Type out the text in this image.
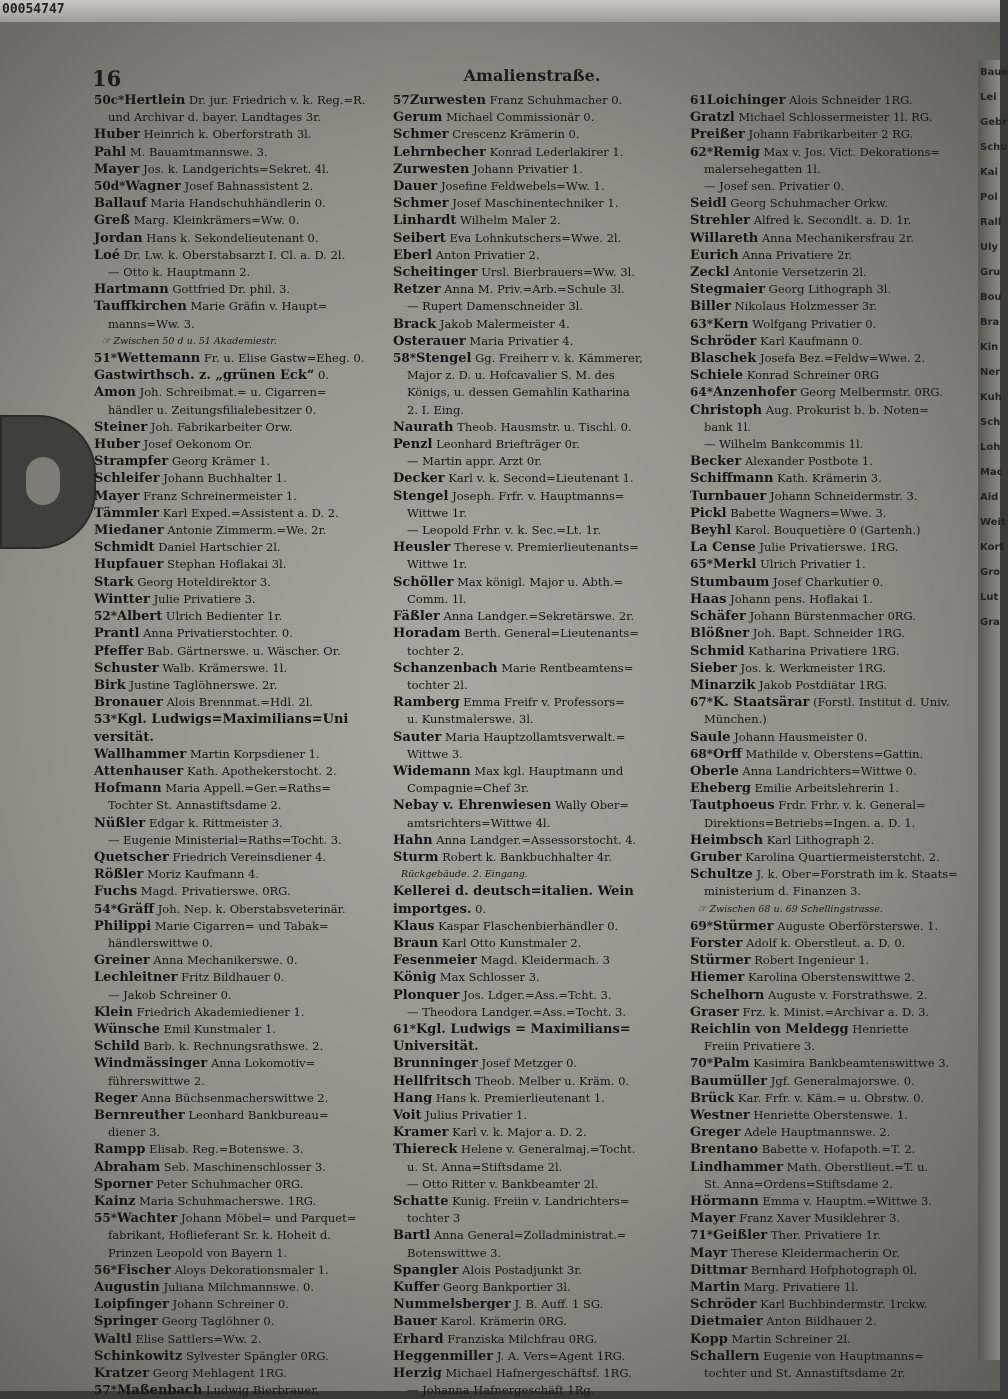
00054747
Baue
Lei
Gebr
Schu
Kai
Pol
Rall
Uly
Gru
Bou
Bra
Kin
Ner
Kuh
Sch
Loh
Mac
Aid
Weit
Kort
Gro
Lut
Gra
16	Amalienstraße.

50c*Hertlein Dr. jur. Friedrich v. k. Reg.=R.

und Archivar d. bayer. Landtages 3r.

Huber Heinrich k. Oberforstrath 3l.

Pahl M. Bauamtmannswe. 3.

Mayer Jos. k. Landgerichts=Sekret. 4l.

50d*Wagner Josef Bahnassistent 2.

Ballauf Maria Handschuhhändlerin 0.

Greß Marg. Kleinkrämers=Ww. 0.

Jordan Hans k. Sekondelieutenant 0.

Loé Dr. Lw. k. Oberstabsarzt I. Cl. a. D. 2l.

— Otto k. Hauptmann 2.

Hartmann Gottfried Dr. phil. 3.

Tauffkirchen Marie Gräfin v. Haupt=

manns=Ww. 3.

☞ Zwischen 50 d u. 51 Akademiestr.

51*Wettemann Fr. u. Elise Gastw=Eheg. 0.

Gastwirthsch. z. „grünen Eck“ 0.

Amon Joh. Schreibmat.= u. Cigarren=

händler u. Zeitungsfilialebesitzer 0.

Steiner Joh. Fabrikarbeiter Orw.

Huber Josef Oekonom Or.

Strampfer Georg Krämer 1.

Schleifer Johann Buchhalter 1.

Mayer Franz Schreinermeister 1.

Tämmler Karl Exped.=Assistent a. D. 2.

Miedaner Antonie Zimmerm.=We. 2r.

Schmidt Daniel Hartschier 2l.

Hupfauer Stephan Hoflakai 3l.

Stark Georg Hoteldirektor 3.

Wintter Julie Privatiere 3.

52*Albert Ulrich Bedienter 1r.

Prantl Anna Privatierstochter. 0.

Pfeffer Bab. Gärtnerswe. u. Wäscher. Or.

Schuster Walb. Krämerswe. 1l.

Birk Justine Taglöhnerswe. 2r.

Bronauer Alois Brennmat.=Hdl. 2l.

53*Kgl. Ludwigs=Maximilians=Uni

versität.

Wallhammer Martin Korpsdiener 1.

Attenhauser Kath. Apothekerstocht. 2.

Hofmann Maria Appell.=Ger.=Raths=

Tochter St. Annastiftsdame 2.

Nüßler Edgar k. Rittmeister 3.

— Eugenie Ministerial=Raths=Tocht. 3.

Quetscher Friedrich Vereinsdiener 4.

Rößler Moriz Kaufmann 4.

Fuchs Magd. Privatierswe. 0RG.

54*Gräff Joh. Nep. k. Oberstabsveterinär.

Philippi Marie Cigarren= und Tabak=

händlerswittwe 0.

Greiner Anna Mechanikerswe. 0.

Lechleitner Fritz Bildhauer 0.

— Jakob Schreiner 0.

Klein Friedrich Akademiediener 1.

Wünsche Emil Kunstmaler 1.

Schild Barb. k. Rechnungsrathswe. 2.

Windmässinger Anna Lokomotiv=

führerswittwe 2.

Reger Anna Büchsenmacherswittwe 2.

Bernreuther Leonhard Bankbureau=

diener 3.

Rampp Elisab. Reg.=Botenswe. 3.

Abraham Seb. Maschinenschlosser 3.

Sporner Peter Schuhmacher 0RG.

Kainz Maria Schuhmacherswe. 1RG.

55*Wachter Johann Möbel= und Parquet=

fabrikant, Hoflieferant Sr. k. Hoheit d.

Prinzen Leopold von Bayern 1.

56*Fischer Aloys Dekorationsmaler 1.

Augustin Juliana Milchmannswe. 0.

Loipfinger Johann Schreiner 0.

Springer Georg Taglöhner 0.

Waltl Elise Sattlers=Ww. 2.

Schinkowitz Sylvester Spängler 0RG.

Kratzer Georg Mehlagent 1RG.

57*Maßenbach Ludwig Bierbrauer.

57Zurwesten Franz Schuhmacher 0.

Gerum Michael Commissionär 0.

Schmer Crescenz Krämerin 0.

Lehrnbecher Konrad Lederlakirer 1.

Zurwesten Johann Privatier 1.

Dauer Josefine Feldwebels=Ww. 1.

Schmer Josef Maschinentechniker 1.

Linhardt Wilhelm Maler 2.

Seibert Eva Lohnkutschers=Wwe. 2l.

Eberl Anton Privatier 2.

Scheitinger Ursl. Bierbrauers=Ww. 3l.

Retzer Anna M. Priv.=Arb.=Schule 3l.

— Rupert Damenschneider 3l.

Brack Jakob Malermeister 4.

Osterauer Maria Privatier 4.

58*Stengel Gg. Freiherr v. k. Kämmerer,

Major z. D. u. Hofcavalier S. M. des

Königs, u. dessen Gemahlin Katharina

2. I. Eing.

Naurath Theob. Hausmstr. u. Tischl. 0.

Penzl Leonhard Briefträger 0r.

— Martin appr. Arzt 0r.

Decker Karl v. k. Second=Lieutenant 1.

Stengel Joseph. Frfr. v. Hauptmanns=

Wittwe 1r.

— Leopold Frhr. v. k. Sec.=Lt. 1r.

Heusler Therese v. Premierlieutenants=

Wittwe 1r.

Schöller Max königl. Major u. Abth.=

Comm. 1l.

Fäßler Anna Landger.=Sekretärswe. 2r.

Horadam Berth. General=Lieutenants=

tochter 2.

Schanzenbach Marie Rentbeamtens=

tochter 2l.

Ramberg Emma Freifr v. Professors=

u. Kunstmalerswe. 3l.

Sauter Maria Hauptzollamtsverwalt.=

Wittwe 3.

Widemann Max kgl. Hauptmann und

Compagnie=Chef 3r.

Nebay v. Ehrenwiesen Wally Ober=

amtsrichters=Wittwe 4l.

Hahn Anna Landger.=Assessorstocht. 4.

Sturm Robert k. Bankbuchhalter 4r.

Rückgebäude. 2. Eingang.

Kellerei d. deutsch=italien. Wein

importges. 0.

Klaus Kaspar Flaschenbierhändler 0.

Braun Karl Otto Kunstmaler 2.

Fesenmeier Magd. Kleidermach. 3

König Max Schlosser 3.

Plonquer Jos. Ldger.=Ass.=Tcht. 3.

— Theodora Landger.=Ass.=Tocht. 3.

61*Kgl. Ludwigs = Maximilians=

Universität.

Brunninger Josef Metzger 0.

Hellfritsch Theob. Melber u. Kräm. 0.

Hang Hans k. Premierlieutenant 1.

Voit Julius Privatier 1.

Kramer Karl v. k. Major a. D. 2.

Thiereck Helene v. Generalmaj.=Tocht.

u. St. Anna=Stiftsdame 2l.

— Otto Ritter v. Bankbeamter 2l.

Schatte Kunig. Freiin v. Landrichters=

tochter 3

Bartl Anna General=Zolladministrat.=

Botenswittwe 3.

Spangler Alois Postadjunkt 3r.

Kuffer Georg Bankportier 3l.

Nummelsberger J. B. Auff. 1 SG.

Bauer Karol. Krämerin 0RG.

Erhard Franziska Milchfrau 0RG.

Heggenmiller J. A. Vers=Agent 1RG.

Herzig Michael Hafnergeschäftsf. 1RG.

— Johanna Hafnergeschäft 1Rg.

61Loichinger Alois Schneider 1RG.

Gratzl Michael Schlossermeister 1l. RG.

Preißer Johann Fabrikarbeiter 2 RG.

62*Remig Max v. Jos. Vict. Dekorations=

malersehegatten 1l.

— Josef sen. Privatier 0.

Seidl Georg Schuhmacher Orkw.

Strehler Alfred k. Secondlt. a. D. 1r.

Willareth Anna Mechanikersfrau 2r.

Eurich Anna Privatiere 2r.

Zeckl Antonie Versetzerin 2l.

Stegmaier Georg Lithograph 3l.

Biller Nikolaus Holzmesser 3r.

63*Kern Wolfgang Privatier 0.

Schröder Karl Kaufmann 0.

Blaschek Josefa Bez.=Feldw=Wwe. 2.

Schiele Konrad Schreiner 0RG

64*Anzenhofer Georg Melbermstr. 0RG.

Christoph Aug. Prokurist b. b. Noten=

bank 1l.

— Wilhelm Bankcommis 1l.

Becker Alexander Postbote 1.

Schiffmann Kath. Krämerin 3.

Turnbauer Johann Schneidermstr. 3.

Pickl Babette Wagners=Wwe. 3.

Beyhl Karol. Bouquetière 0 (Gartenh.)

La Cense Julie Privatierswe. 1RG.

65*Merkl Ulrich Privatier 1.

Stumbaum Josef Charkutier 0.

Haas Johann pens. Hoflakai 1.

Schäfer Johann Bürstenmacher 0RG.

Blößner Joh. Bapt. Schneider 1RG.

Schmid Katharina Privatiere 1RG.

Sieber Jos. k. Werkmeister 1RG.

Minarzik Jakob Postdiätar 1RG.

67*K. Staatsärar (Forstl. Institut d. Univ.

München.)

Saule Johann Hausmeister 0.

68*Orff Mathilde v. Oberstens=Gattin.

Oberle Anna Landrichters=Wittwe 0.

Eheberg Emilie Arbeitslehrerin 1.

Tautphoeus Frdr. Frhr. v. k. General=

Direktions=Betriebs=Ingen. a. D. 1.

Heimbsch Karl Lithograph 2.

Gruber Karolina Quartiermeisterstcht. 2.

Schultze J. k. Ober=Forstrath im k. Staats=

ministerium d. Finanzen 3.

☞ Zwischen 68 u. 69 Schellingstrasse.

69*Stürmer Auguste Oberförsterswe. 1.

Forster Adolf k. Oberstleut. a. D. 0.

Stürmer Robert Ingenieur 1.

Hiemer Karolina Oberstenswittwe 2.

Schelhorn Auguste v. Forstrathswe. 2.

Graser Frz. k. Minist.=Archivar a. D. 3.

Reichlin von Meldegg Henriette

Freiin Privatiere 3.

70*Palm Kasimira Bankbeamtenswittwe 3.

Baumüller Jgf. Generalmajorswe. 0.

Brück Kar. Frfr. v. Käm.= u. Obrstw. 0.

Westner Henriette Oberstenswe. 1.

Greger Adele Hauptmannswe. 2.

Brentano Babette v. Hofapoth.=T. 2.

Lindhammer Math. Oberstlieut.=T. u.

St. Anna=Ordens=Stiftsdame 2.

Hörmann Emma v. Hauptm.=Wittwe 3.

Mayer Franz Xaver Musiklehrer 3.

71*Geißler Ther. Privatiere 1r.

Mayr Therese Kleidermacherin Or.

Dittmar Bernhard Hofphotograph 0l.

Martin Marg. Privatiere 1l.

Schröder Karl Buchbindermstr. 1rckw.

Dietmaier Anton Bildhauer 2.

Kopp Martin Schreiner 2l.

Schallern Eugenie von Hauptmanns=

tochter und St. Annastiftsdame 2r.
